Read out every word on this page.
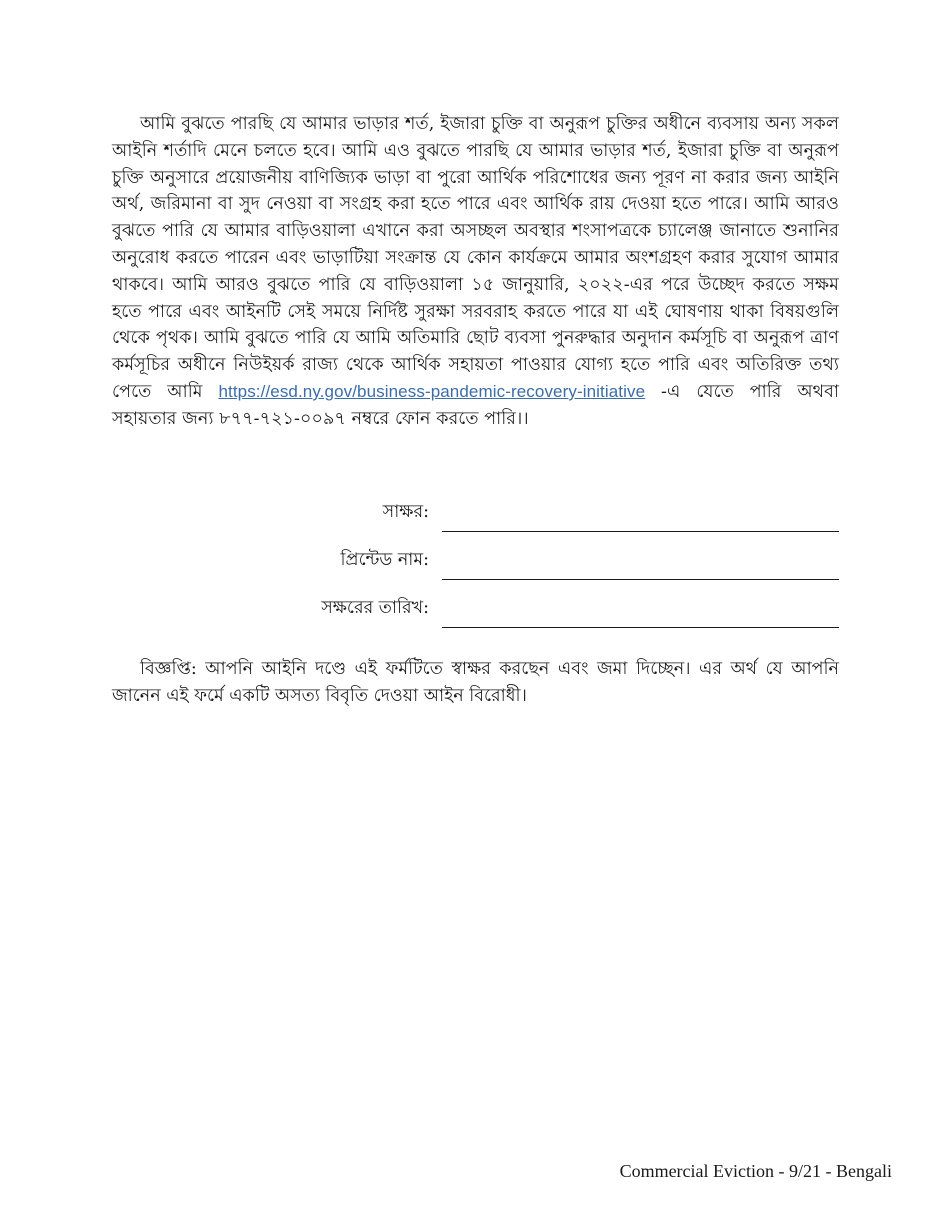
আমি বুঝতে পারছি যে আমার ভাড়ার শর্ত, ইজারা চুক্তি বা অনুরূপ চুক্তির অধীনে ব্যবসায় অন্য সকল আইনি শর্তাদি মেনে চলতে হবে। আমি এও বুঝতে পারছি যে আমার ভাড়ার শর্ত, ইজারা চুক্তি বা অনুরূপ চুক্তি অনুসারে প্রয়োজনীয় বাণিজ্যিক ভাড়া বা পুরো আর্থিক পরিশোধের জন্য পূরণ না করার জন্য আইনি অর্থ, জরিমানা বা সুদ নেওয়া বা সংগ্রহ করা হতে পারে এবং আর্থিক রায় দেওয়া হতে পারে। আমি আরও বুঝতে পারি যে আমার বাড়িওয়ালা এখানে করা অসচ্ছল অবস্থার শংসাপত্রকে চ্যালেঞ্জ জানাতে শুনানির অনুরোধ করতে পারেন এবং ভাড়াটিয়া সংক্রান্ত যে কোন কার্যক্রমে আমার অংশগ্রহণ করার সুযোগ আমার থাকবে। আমি আরও বুঝতে পারি যে বাড়িওয়ালা ১৫ জানুয়ারি, ২০২২-এর পরে উচ্ছেদ করতে সক্ষম হতে পারে এবং আইনটি সেই সময়ে নির্দিষ্ট সুরক্ষা সরবরাহ করতে পারে যা এই ঘোষণায় থাকা বিষয়গুলি থেকে পৃথক। আমি বুঝতে পারি যে আমি অতিমারি ছোট ব্যবসা পুনরুদ্ধার অনুদান কর্মসূচি বা অনুরূপ ত্রাণ কর্মসূচির অধীনে নিউইয়র্ক রাজ্য থেকে আর্থিক সহায়তা পাওয়ার যোগ্য হতে পারি এবং অতিরিক্ত তথ্য পেতে আমি https://esd.ny.gov/business-pandemic-recovery-initiative -এ যেতে পারি অথবা সহায়তার জন্য ৮৭৭-৭২১-০০৯৭ নম্বরে ফোন করতে পারি।।

সাক্ষর:
প্রিন্টেড নাম:
সক্ষরের তারিখ:

বিজ্ঞপ্তি: আপনি আইনি দণ্ডে এই ফর্মটিতে স্বাক্ষর করছেন এবং জমা দিচ্ছেন। এর অর্থ যে আপনি জানেন এই ফর্মে একটি অসত্য বিবৃতি দেওয়া আইন বিরোধী।

Commercial Eviction - 9/21 - Bengali
